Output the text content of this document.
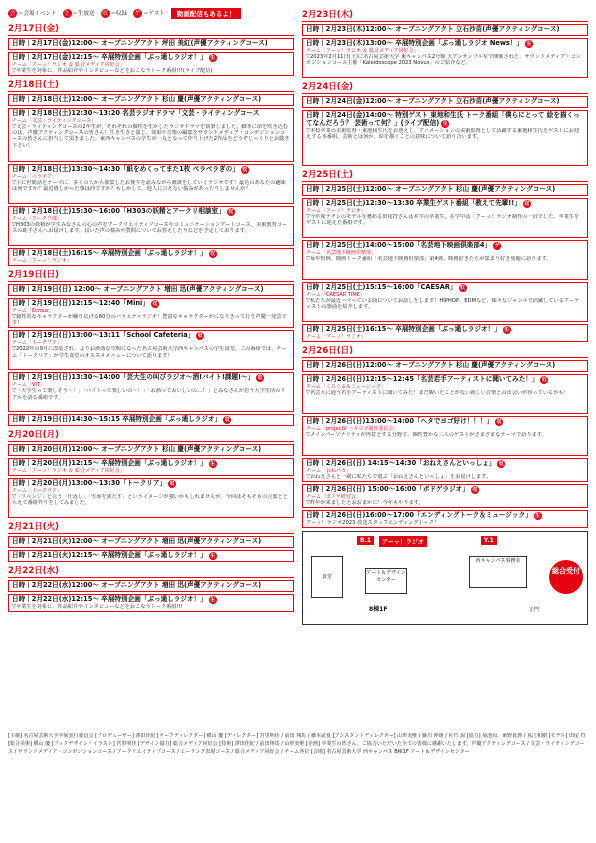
会 ＝会場イベント 生 ＝生放送 収 ＝収録 ゲ ＝ゲスト	動画配信もあるよ！
2月17日(金)
日時｜2月17日(金)12:00～ オープニングアクト 坪田 美紅(声優アクティングコース)
日時｜2月17日(金)12:15～ 卒展特別企画「ぶっ通しラジオ！」 生
チーム「アーッ！ラジオ ＆ 総合メディア同好会」
▽卒業生を対象に、作品紹介やインタビューなどをおこなうトーク番組!!!(ライブ配信)
2月18日(土)
日時｜2月18日(土)12:00～ オープニングアクト 杉山 慶(声優アクティングコース)
日時｜2月18日(土)12:30～13:20 名芸ラジオドラマ「文芸・ライティングコース
チーム「文芸・ライティングコース」
▽文芸・ライティングコースの2年生が、それぞれの個性を生かしたラジオドラマを執筆しました。脚本に命を吹き込むのは、声優アクティングコースの皆さん！生き生きと演じ、効果や音楽の編集をサウンドメディア・コンポジションコースの皆さんに担当して頂きました。東西キャンパスの学生が一丸となって作り上げた2作品をどうぞじっくりとお聴き下さい！
日時｜2月18日(土)13:30～14:30「紙をめくってまた1枚 ペラペラぎの」 収
チーム「ペラギア」
▽主に世間話をテーマに、多くの人から募集したお便りを読みながら雑談をしていくラジオです！最近のあなたの趣味は何ですか？最近嬉しかった事は何ですか？もしかして、他人に言えない悩みがあったりしませんか？
日時｜2月18日(土)15:30～16:00「H303の妖精とアークリ相談室」 収
チーム「アークリ部」
▽H303の妖精が学生みなさんの心の声をアークリエイティブコースやコミュニケーションアートコース、美術教育コースの助手さんへお届けします。届いた声の悩みや質問についてお答えしたりなどを予定しております。
日時｜2月18日(土)16:15～ 卒展特別企画「ぶっ通しラジオ！」 収
チーム「アーッ！ラジオ」
2月19日(日)
日時｜2月19日(日) 12:00～ オープニングアクト 増田 迅(声優アクティングコース)
日時｜2月19日(日)12:15～12:40「Mini」 収
チーム「Ecrouz」
▽個性的なキャラクターが繰り広げる60分のバラエティラジオ！豊富なキャラクターがになりきって行う声優一発芸です！
日時｜2月19日(日)13:00～13:11「School Cafeteria」 収
チーム「トークリア」
▽2022年の9月に改装され、よりお洒落な空間になった名古屋芸術大学西キャンパスの学生食堂。この番組では、チーム「トークリア」が学生食堂のオススメメニューについて語ります！
日時｜2月19日(日)13:30～14:00「芸大生の叫びラジオ～酒!バイト!課題!～」 収
チーム「VIT」
▽「大学生って楽しそう～！」「バイトって楽しいの～！」「お酒っておいしいの…！」とみなさんが思う大学生活のリアルを語る番組です。
日時｜2月19日(日)14:30～15:15 卒展特別企画「ぶっ通しラジオ」 収
2月20日(月)
日時｜2月20日(月)12:00～ オープニングアクト 杉山 慶(声優アクティングコース)
日時｜2月20日(月)12:15～ 卒展特別企画「ぶっ通しラジオ！」 生
チーム「アーッ！ラジオ ＆ 総合メディア同好会」
日時｜2月20日(月)13:00～13:30「トークリア」 収
チーム「トークリア」
▽「リベンジ」と言う「仕返し」「雪辱を果たす」というイメージが強いかもしれませんが、今回はそもそもの言葉ととらえて番組作りをしてみました。
2月21日(火)
日時｜2月21日(火)12:00～ オープニングアクト 増田 迅(声優アクティングコース)
日時｜2月21日(火)12:15～ 卒展特別企画「ぶっ通しラジオ！」 生
2月22日(水)
日時｜2月22日(水)12:00～ オープニングアクト 増田 迅(声優アクティングコース)
日時｜2月22日(水)12:15～ 卒展特別企画「ぶっ通しラジオ！」 生
▽卒業生を対象に、作品紹介やインタビューなどをおこなうトーク番組!!!
2月23日(木)
日時｜2月23日(木)12:00～ オープニングアクト 立石沙苗(声優アクティングコース)
日時｜2月23日(木)13:00～ 卒展特別企画「ぶっ通しラジオ News！」 生
チーム「アーッ！ラジオ ＆ 総合メディア同好会」
▽2023年2月11日(土)に名古屋芸術大学 東キャンパス2号館 大アンサンブル室で開催された、サウンドメディア・コンポジションコース主催「Kaleidoscope 2023 Novus」のご紹介など。
2月24日(金)
日時｜2月24日(金)12:00～ オープニングアクト 立石沙苗(声優アクティングコース)
日時｜2月24日(金)14:00～ 特別ゲスト 東地和生氏 トーク番組「僕らにとって 絵を描くってなんだろう？ 芸術って何？」(ライブ配信) 生
▽本校卒業の美術監督・東地和生氏をお迎えし、アニメーションの美術監督として活躍する東地和生氏をゲストにお迎えする本番組。芸術とは何か、絵を描くことの意味について語り合います。
2月25日(土)
日時｜2月25日(土)12:00～ オープニングアクト 杉山 慶(声優アクティングコース)
日時｜2月25日(土)12:30～13:30 卒業生ゲスト番組「教えて先輩!!」 収
チーム「アーッ！ラジオ」
▽今年度ナチシのモデルを務める田尾符さんは本学の卒業生。在学中は「アーッ！ラジオ制作の一員でした。卒業生をゲストに迎えた番組です。
日時｜2月25日(土)14:00～15:00「名芸地下映画倶楽部4」 ゲ
チーム「名芸地下映画倶楽部」
▽毎年恒例、映画トーク番組「名芸地下映画倶楽部」第4弾。映画好きたちが集まり好き放題に語ります。
日時｜2月25日(土)15:15～16:00「CAESAR」 収
チーム「CAESAR TIME」
▽私たちが最近ハマっている曲についてお話しをします！HIPHOP、EDMなど、様々なジャンルで活躍しているアーティストの楽曲を紹介します。
日時｜2月25日(土)16:15～ 卒展特別企画「ぶっ通しラジオ！」 生
チーム「アーッ！ラジオ」
2月26日(日)
日時｜2月26日(日)12:00～ オープニングアクト 杉山 慶(声優アクティングコース)
日時｜2月26日(日)12:15～12:45「名芸若手アーティストに聞いてみた！」 収
チーム「くろぐる＆ミュージック」
▽名芸大に通う若手アーティストに聞いてみた！まだ観いたことがない新しい音楽との出会いが待っているかも！
日時｜2月26日(日)13:00～14:00「ヘタでヨゴ好け！！！」 収
チーム「projectV ヘタヨゴ制作委員会」
▽メインパーソナリティが得意とする分野で、個性豊かな三人のゲストがさまざまなテーマで語ります。
日時｜2月26日(日) 14:15～14:30「おねえさんといっしょ」 収
チーム「おねパカ」
▽おねえさんと一緒に私たちで遊ぶ「おねえさんといっしょ」をお届けします。
日時｜2月26日(日) 15:00～16:00「ボドゲラジオ」 収
チーム「ボドゲ研究会」
▽昨年が来ましたとおおまかに！今年もやります。
日時｜2月26日(日)16:00～17:00「エンディングトーク＆ミュージック」 生
アーッ！ラジオ2023 放送スタッフエンディングトーク！
B.1	アーッ！ラジオ	Y.1
食堂
アート＆デザインセンター
西キャンパス事務室
8棟1F	正門
総合受付
[主催] 名古屋芸術大学卒展実行委員会 [プロデューサー] 澤田佳紀 [チーフディレクター] 横山 慶 [ディレクター] 宮里明佳 / 前田 翔馬 / 橋本読夏 [アシスタントディレクター] 山形実唯 / 藤川 伸雄 / 佐竹 諒 [協力] 菊池周、東野貴典 / 真江和樹 [モデル] 田尾 符 [総合美術] 横山 慶 [ブックデザイン・イラスト] 宮里明佳 [デザイン協力] 総合メディア同好会 [技術] 澤田佳紀 / 前田翔馬 / 山形実唯 [企画] 卒業生の皆さん、ご協力いただいた全ての皆様に感謝いたします。声優アクティングコース / 文芸・ライティングコース / サウンドメディア・コンポジションコース / アークリエイティブコース / ヒーリング表現コース / 総合メディア同好会 / チーム各位 [会場] 名古屋芸術大学 西キャンパス B棟1F アート＆デザインセンター
